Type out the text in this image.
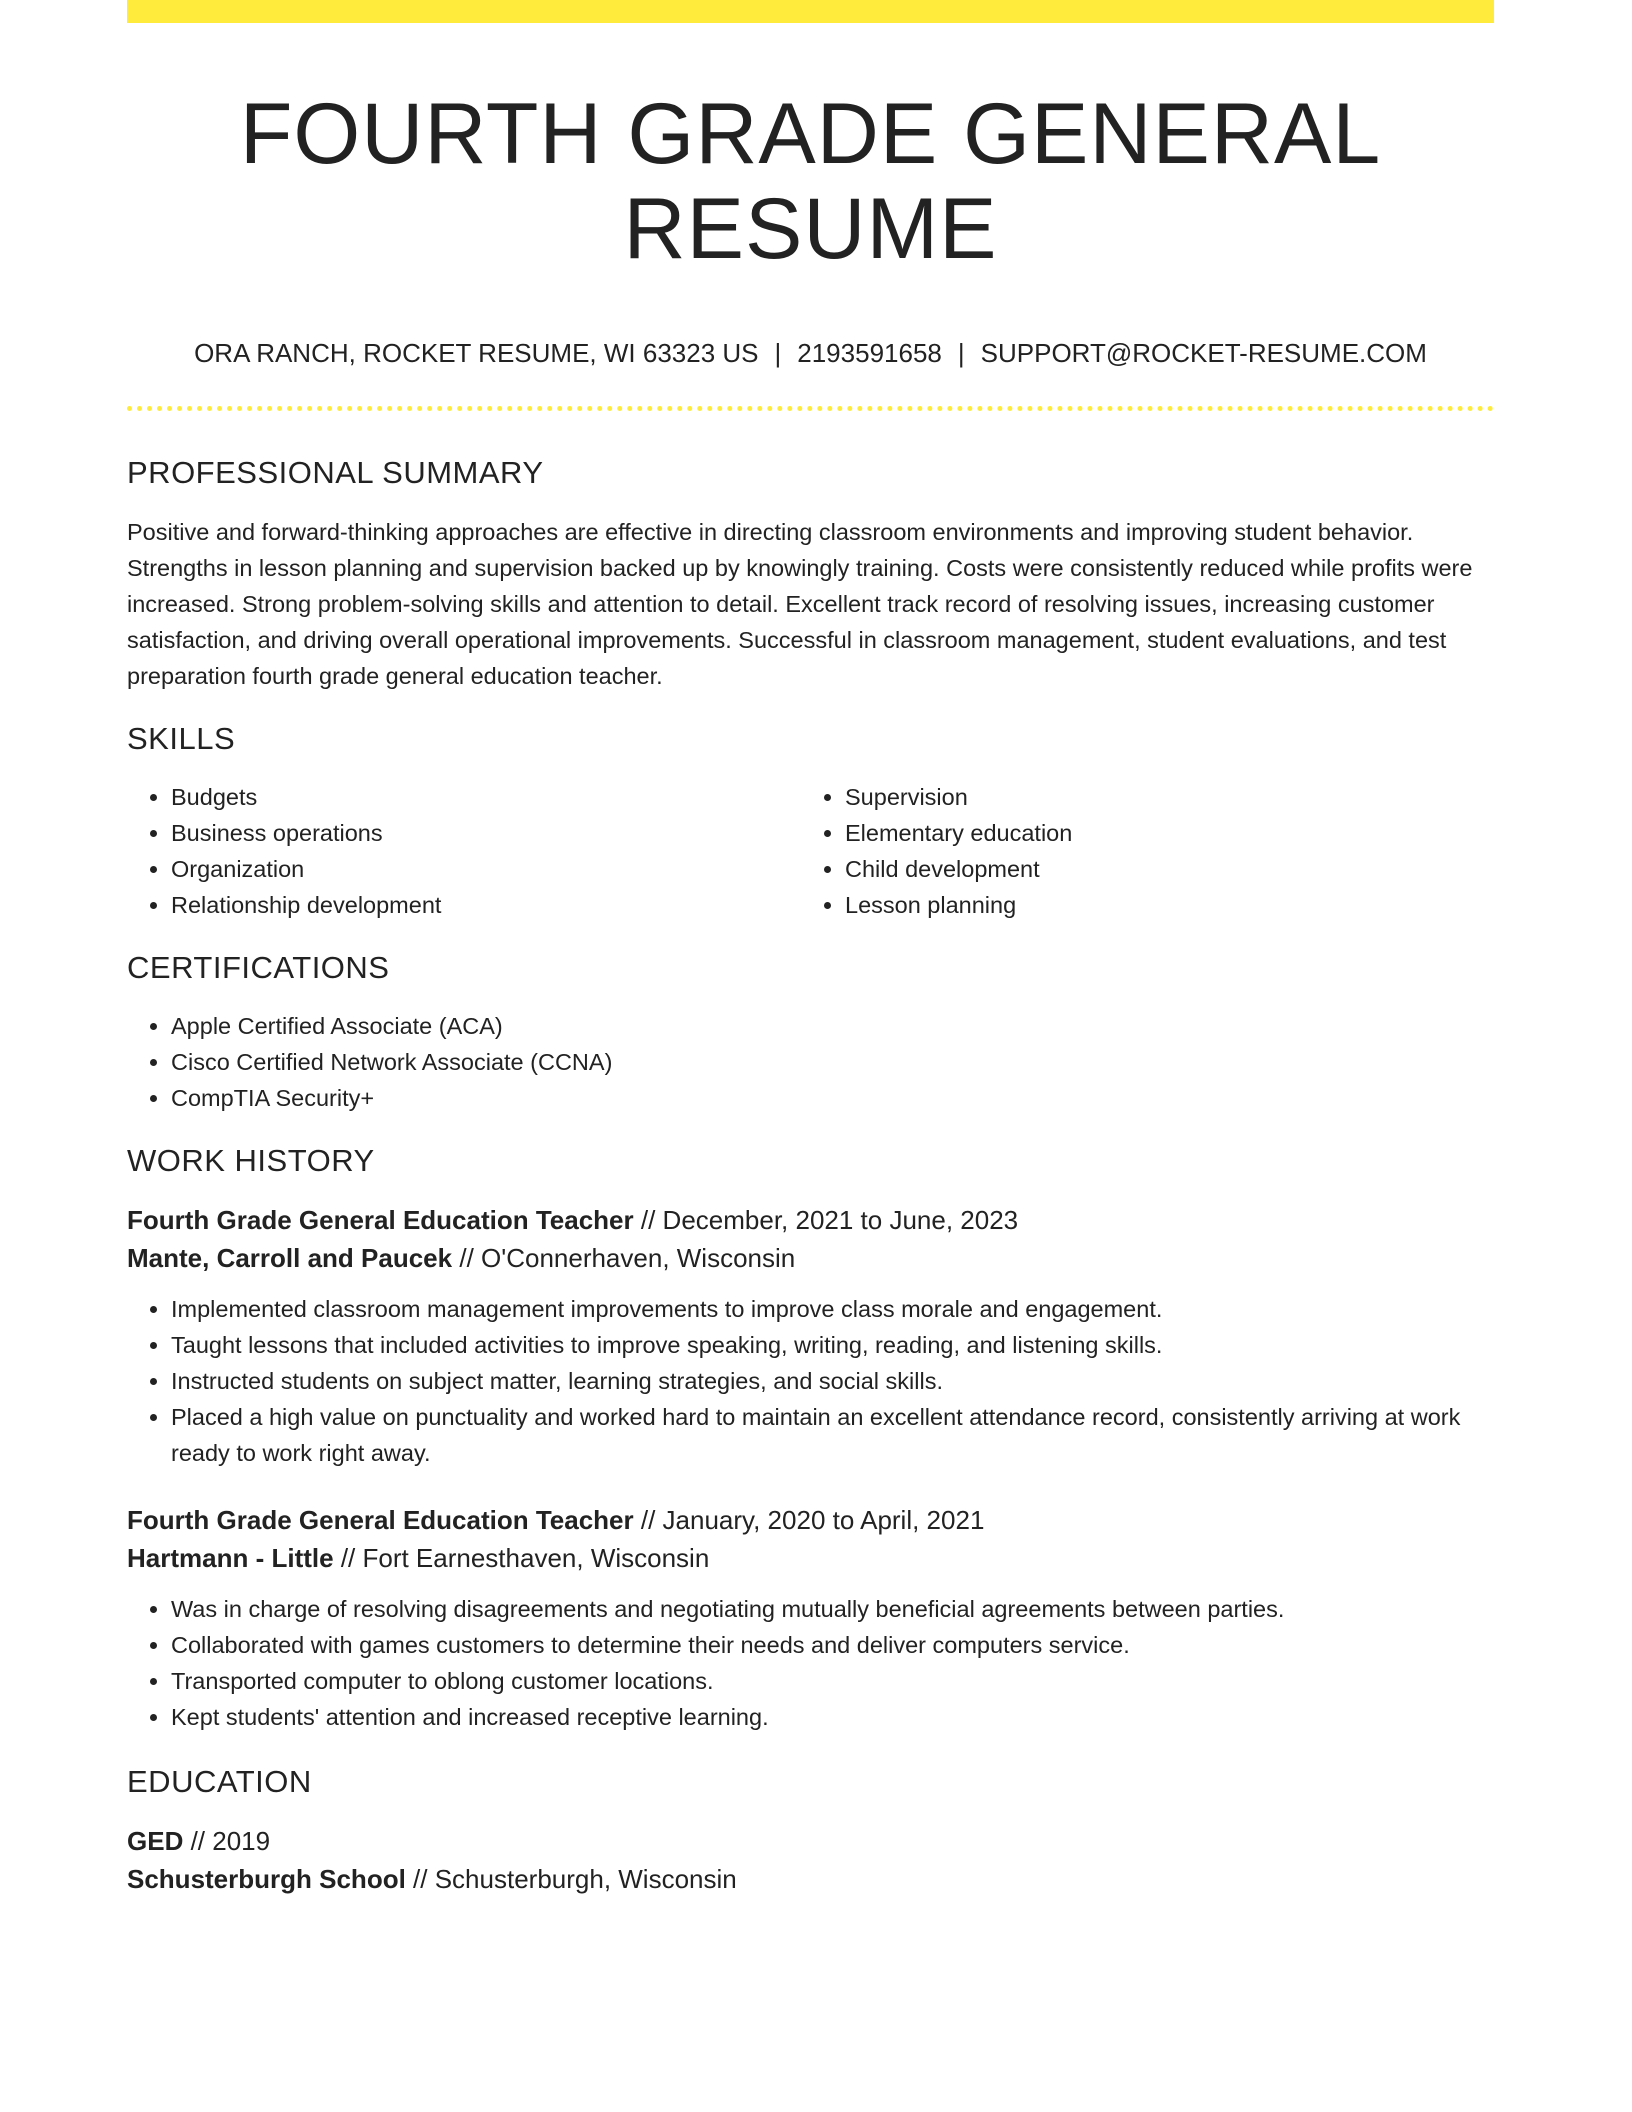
FOURTH GRADE GENERAL RESUME
ORA RANCH, ROCKET RESUME, WI 63323 US | 2193591658 | SUPPORT@ROCKET-RESUME.COM
PROFESSIONAL SUMMARY

Positive and forward-thinking approaches are effective in directing classroom environments and improving student behavior. Strengths in lesson planning and supervision backed up by knowingly training. Costs were consistently reduced while profits were increased. Strong problem-solving skills and attention to detail. Excellent track record of resolving issues, increasing customer satisfaction, and driving overall operational improvements. Successful in classroom management, student evaluations, and test preparation fourth grade general education teacher.

SKILLS
• Budgets
• Business operations
• Organization
• Relationship development
• Supervision
• Elementary education
• Child development
• Lesson planning
CERTIFICATIONS
• Apple Certified Associate (ACA)
• Cisco Certified Network Associate (CCNA)
• CompTIA Security+
WORK HISTORY
Fourth Grade General Education Teacher // December, 2021 to June, 2023
Mante, Carroll and Paucek // O'Connerhaven, Wisconsin
• Implemented classroom management improvements to improve class morale and engagement.
• Taught lessons that included activities to improve speaking, writing, reading, and listening skills.
• Instructed students on subject matter, learning strategies, and social skills.
• Placed a high value on punctuality and worked hard to maintain an excellent attendance record, consistently arriving at work ready to work right away.
Fourth Grade General Education Teacher // January, 2020 to April, 2021
Hartmann - Little // Fort Earnesthaven, Wisconsin
• Was in charge of resolving disagreements and negotiating mutually beneficial agreements between parties.
• Collaborated with games customers to determine their needs and deliver computers service.
• Transported computer to oblong customer locations.
• Kept students' attention and increased receptive learning.
EDUCATION
GED // 2019
Schusterburgh School // Schusterburgh, Wisconsin
